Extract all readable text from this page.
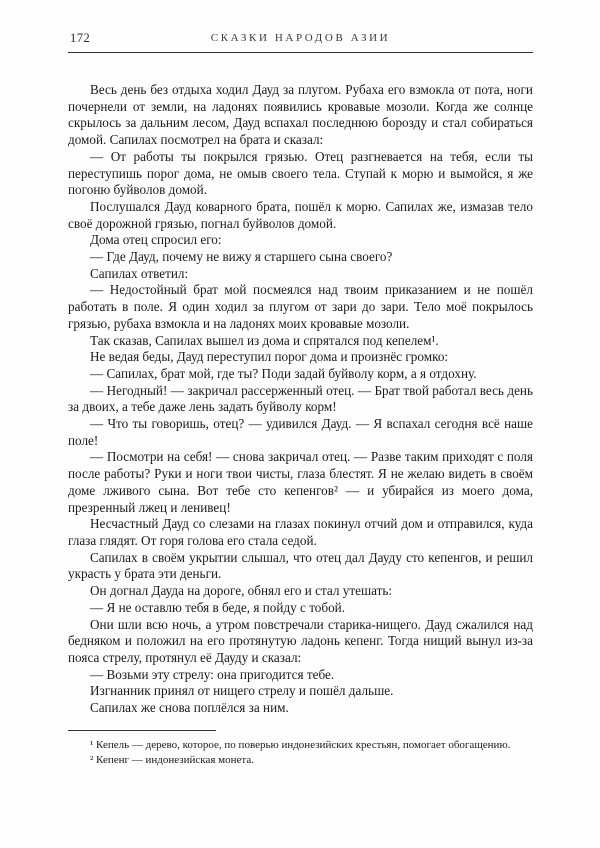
172	СКАЗКИ НАРОДОВ АЗИИ

Весь день без отдыха ходил Дауд за плугом. Рубаха его взмокла от пота, ноги почернели от земли, на ладонях появились кровавые мозоли. Когда же солнце скрылось за дальним лесом, Дауд вспахал последнюю борозду и стал собираться домой. Сапилах посмотрел на брата и сказал:

— От работы ты покрылся грязью. Отец разгневается на тебя, если ты переступишь порог дома, не омыв своего тела. Ступай к морю и вымойся, я же погоню буйволов домой.

Послушался Дауд коварного брата, пошёл к морю. Сапилах же, измазав тело своё дорожной грязью, погнал буйволов домой.

Дома отец спросил его:

— Где Дауд, почему не вижу я старшего сына своего?

Сапилах ответил:

— Недостойный брат мой посмеялся над твоим приказанием и не пошёл работать в поле. Я один ходил за плугом от зари до зари. Тело моё покрылось грязью, рубаха взмокла и на ладонях моих кровавые мозоли.

Так сказав, Сапилах вышел из дома и спрятался под кепелем¹.

Не ведая беды, Дауд переступил порог дома и произнёс громко:

— Сапилах, брат мой, где ты? Поди задай буйволу корм, а я отдохну.

— Негодный! — закричал рассерженный отец. — Брат твой работал весь день за двоих, а тебе даже лень задать буйволу корм!

— Что ты говоришь, отец? — удивился Дауд. — Я вспахал сегодня всё наше поле!

— Посмотри на себя! — снова закричал отец. — Разве таким приходят с поля после работы? Руки и ноги твои чисты, глаза блестят. Я не желаю видеть в своём доме лживого сына. Вот тебе сто кепенгов² — и убирайся из моего дома, презренный лжец и ленивец!

Несчастный Дауд со слезами на глазах покинул отчий дом и отправился, куда глаза глядят. От горя голова его стала седой.

Сапилах в своём укрытии слышал, что отец дал Дауду сто кепенгов, и решил украсть у брата эти деньги.

Он догнал Дауда на дороге, обнял его и стал утешать:

— Я не оставлю тебя в беде, я пойду с тобой.

Они шли всю ночь, а утром повстречали старика-нищего. Дауд сжалился над бедняком и положил на его протянутую ладонь кепенг. Тогда нищий вынул из-за пояса стрелу, протянул её Дауду и сказал:

— Возьми эту стрелу: она пригодится тебе.

Изгнанник принял от нищего стрелу и пошёл дальше.

Сапилах же снова поплёлся за ним.

¹ Кепель — дерево, которое, по поверью индонезийских крестьян, помогает обогащению.

² Кепенг — индонезийская монета.
